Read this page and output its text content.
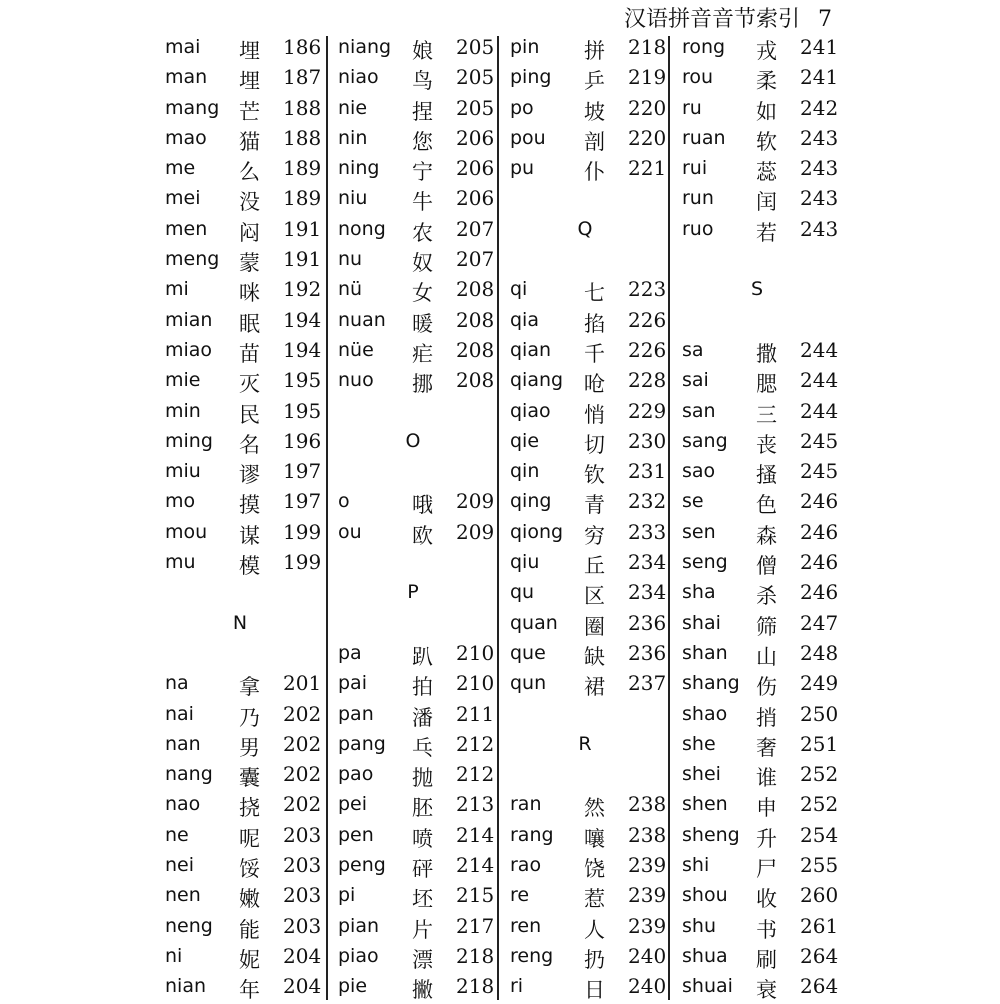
汉语拼音音节索引 7
mai 埋 186
man 埋 187
mang 芒 188
mao 猫 188
me 么 189
mei 没 189
men 闷 191
meng 蒙 191
mi 咪 192
mian 眠 194
miao 苗 194
mie 灭 195
min 民 195
ming 名 196
miu 谬 197
mo 摸 197
mou 谋 199
mu 模 199
N
na 拿 201
nai 乃 202
nan 男 202
nang 囊 202
nao 挠 202
ne 呢 203
nei 馁 203
nen 嫩 203
neng 能 203
ni	妮 204
nian 年 204
niang 娘 205
niao 鸟 205
nie 捏 205
nin 您 206
ning 宁 206
niu 牛 206
nong 农 207
nu 奴 207
nü 女 208
nuan 暖 208
nüe 疟 208
nuo 挪 208
O
o	哦 209
ou 欧 209
P
pa 趴 210
pai 拍 210
pan 潘 211
pang 乓 212
pao 抛 212
pei 胚 213
pen 喷 214
peng 砰 214
pi	坯 215
pian 片 217
piao 漂 218
pie 撇 218
pin 拼 218
ping 乒 219
po 坡 220
pou 剖 220
pu 仆 221
Q
qi	七 223
qia 掐 226
qian 千 226
qiang 呛 228
qiao 悄 229
qie 切 230
qin 钦 231
qing 青 232
qiong 穷 233
qiu 丘 234
qu 区 234
quan 圈 236
que 缺 236
qun 裙 237
R
ran 然 238
rang 嚷 238
rao 饶 239
re	惹 239
ren 人 239
reng 扔 240
ri	日 240
rong 戎 241
rou 柔 241
ru	如 242
ruan 软 243
rui 蕊 243
run 闰 243
ruo 若 243
S
sa 撒 244
sai 腮 244
san 三 244
sang 丧 245
sao 搔 245
se 色 246
sen 森 246
seng 僧 246
sha 杀 246
shai 筛 247
shan 山 248
shang 伤 249
shao 捎 250
she 奢 251
shei 谁 252
shen 申 252
sheng 升 254
shi 尸 255
shou 收 260
shu 书 261
shua 刷 264
shuai 衰 264
